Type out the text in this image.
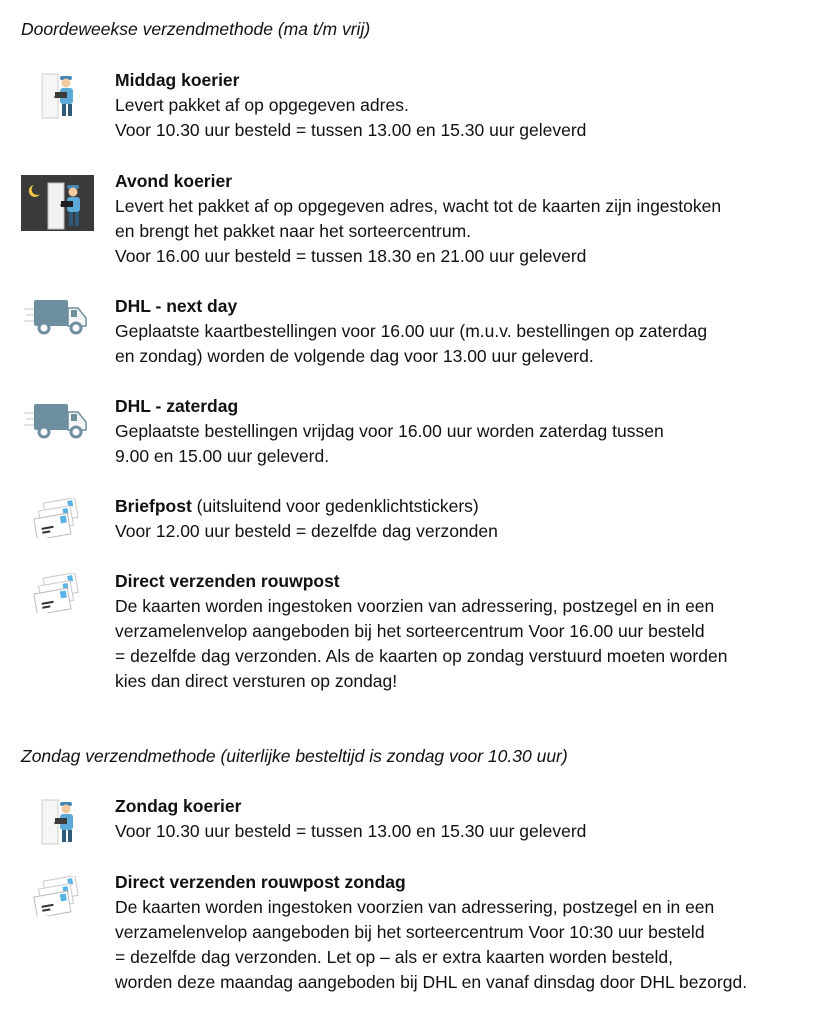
Doordeweekse verzendmethode (ma t/m vrij)
Middag koerier
Levert pakket af op opgegeven adres.
Voor 10.30 uur besteld = tussen 13.00 en 15.30 uur geleverd
Avond koerier
Levert het pakket af op opgegeven adres, wacht tot de kaarten zijn ingestoken
en brengt het pakket naar het sorteercentrum.
Voor 16.00 uur besteld = tussen 18.30 en 21.00 uur geleverd
DHL - next day
Geplaatste kaartbestellingen voor 16.00 uur (m.u.v. bestellingen op zaterdag
en zondag) worden de volgende dag voor 13.00 uur geleverd.
DHL - zaterdag
Geplaatste bestellingen vrijdag voor 16.00 uur worden zaterdag tussen
9.00 en 15.00 uur geleverd.
Briefpost (uitsluitend voor gedenklichtstickers)
Voor 12.00 uur besteld = dezelfde dag verzonden
Direct verzenden rouwpost
De kaarten worden ingestoken voorzien van adressering, postzegel en in een
verzamelenvelop aangeboden bij het sorteercentrum Voor 16.00 uur besteld
= dezelfde dag verzonden. Als de kaarten op zondag verstuurd moeten worden
kies dan direct versturen op zondag!
Zondag verzendmethode (uiterlijke besteltijd is zondag voor 10.30 uur)
Zondag koerier
Voor 10.30 uur besteld = tussen 13.00 en 15.30 uur geleverd
Direct verzenden rouwpost zondag
De kaarten worden ingestoken voorzien van adressering, postzegel en in een
verzamelenvelop aangeboden bij het sorteercentrum Voor 10:30 uur besteld
= dezelfde dag verzonden. Let op – als er extra kaarten worden besteld,
worden deze maandag aangeboden bij DHL en vanaf dinsdag door DHL bezorgd.
